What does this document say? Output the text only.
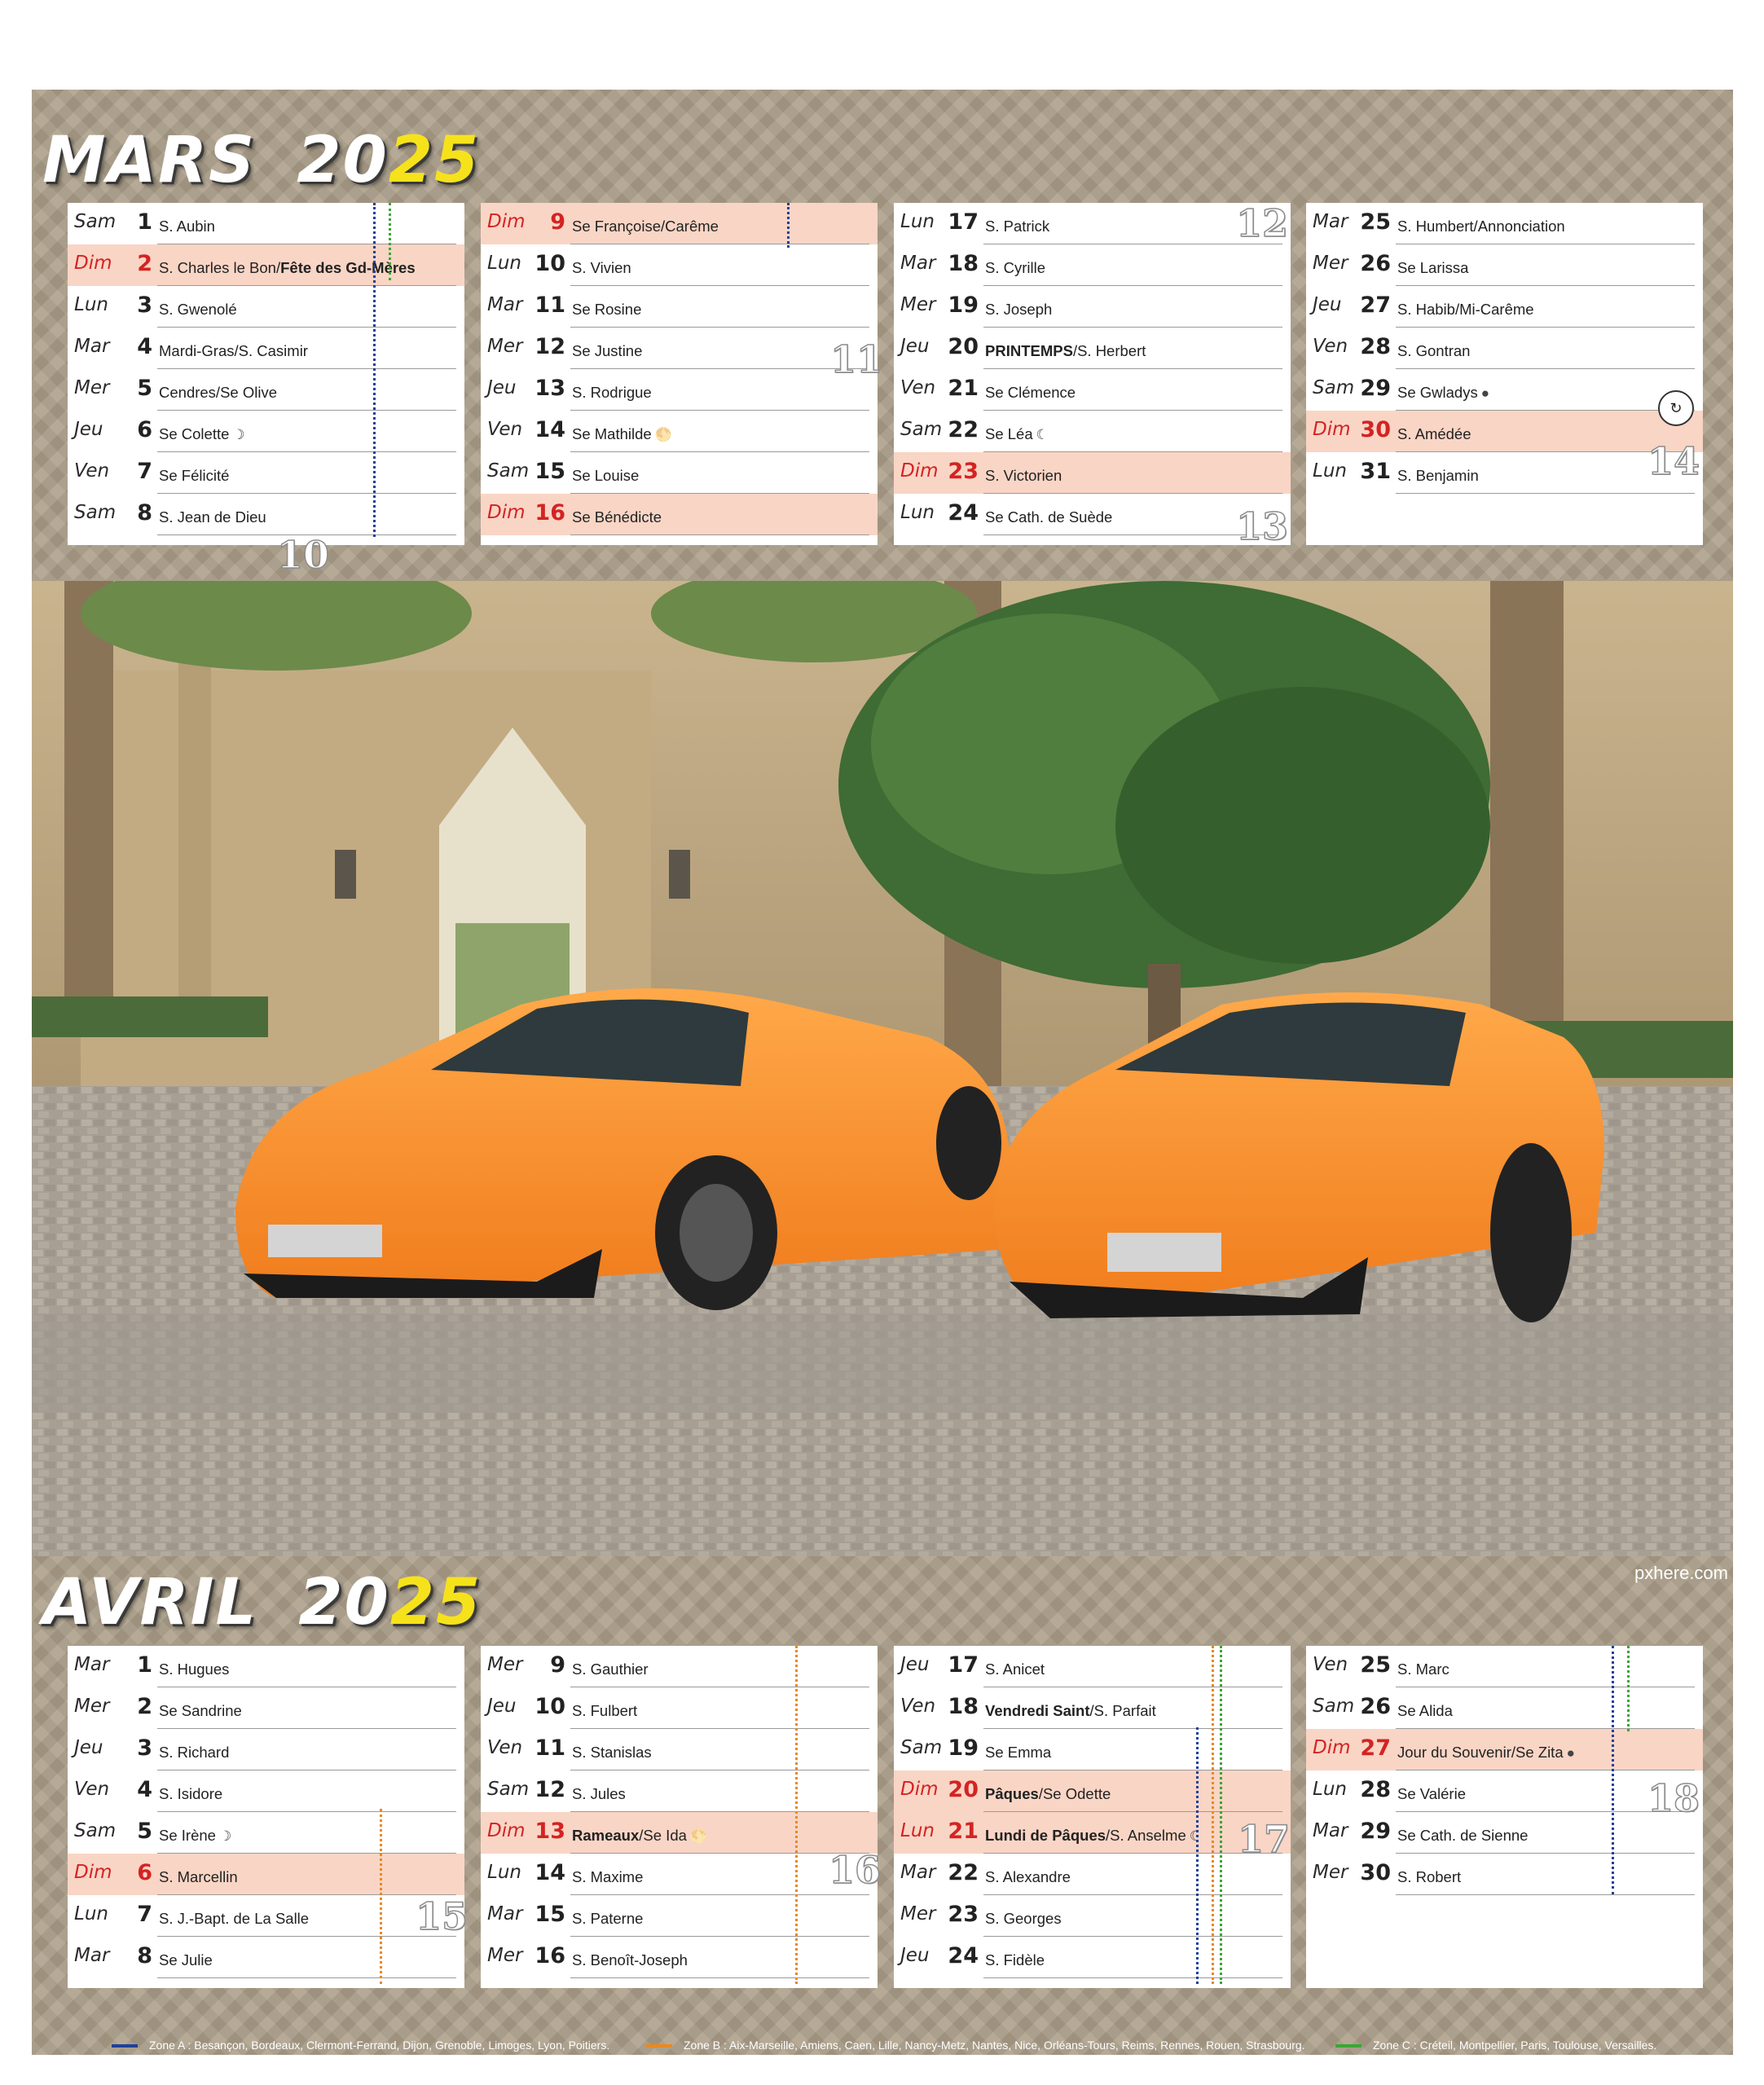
MARS 2025
AVRIL 2025
Sam 1 S. Aubin
Dim	2 S. Charles le Bon/Fête des Gd-Mères
Lun	3 S. Gwenolé
Mar	4 Mardi-Gras/S. Casimir
Mer	5 Cendres/Se Olive
Jeu	6 Se Colette ☽
Ven	7 Se Félicité
Sam 8 S. Jean de Dieu
Dim	9 Se Françoise/Carême
Lun 10 S. Vivien
Mar 11 Se Rosine
Mer 12 Se Justine
Jeu 13 S. Rodrigue
Ven 14 Se Mathilde 🌕
Sam 15 Se Louise
Dim 16 Se Bénédicte
Lun 17 S. Patrick
Mar 18 S. Cyrille
Mer 19 S. Joseph
Jeu 20 PRINTEMPS/S. Herbert
Ven 21 Se Clémence
Sam 22 Se Léa ☾
Dim 23 S. Victorien
Lun 24 Se Cath. de Suède
Mar 25 S. Humbert/Annonciation
Mer 26 Se Larissa
Jeu 27 S. Habib/Mi-Carême
Ven 28 S. Gontran
Sam 29 Se Gwladys ●
Dim 30 S. Amédée
Lun 31 S. Benjamin
10
11
12
13
14
Mar	1 S. Hugues
Mer	2 Se Sandrine
Jeu	3 S. Richard
Ven	4 S. Isidore
Sam 5 Se Irène ☽
Dim	6 S. Marcellin
Lun	7 S. J.-Bapt. de La Salle
Mar	8 Se Julie
Mer	9 S. Gauthier
Jeu 10 S. Fulbert
Ven 11 S. Stanislas
Sam 12 S. Jules
Dim 13 Rameaux/Se Ida 🌕
Lun 14 S. Maxime
Mar 15 S. Paterne
Mer 16 S. Benoît-Joseph
Jeu 17 S. Anicet
Ven 18 Vendredi Saint/S. Parfait
Sam 19 Se Emma
Dim 20 Pâques/Se Odette
Lun 21 Lundi de Pâques/S. Anselme ☾
Mar 22 S. Alexandre
Mer 23 S. Georges
Jeu 24 S. Fidèle
Ven 25 S. Marc
Sam 26 Se Alida
Dim 27 Jour du Souvenir/Se Zita ●
Lun 28 Se Valérie
Mar 29 Se Cath. de Sienne
Mer 30 S. Robert
15
16
17
18
pxhere.com
Zone A : Besançon, Bordeaux, Clermont-Ferrand, Dijon, Grenoble, Limoges, Lyon, Poitiers.	Zone B : Aix-Marseille, Amiens, Caen, Lille, Nancy-Metz, Nantes, Nice, Orléans-Tours, Reims, Rennes, Rouen, Strasbourg.	Zone C : Créteil, Montpellier, Paris, Toulouse, Versailles.
↻
